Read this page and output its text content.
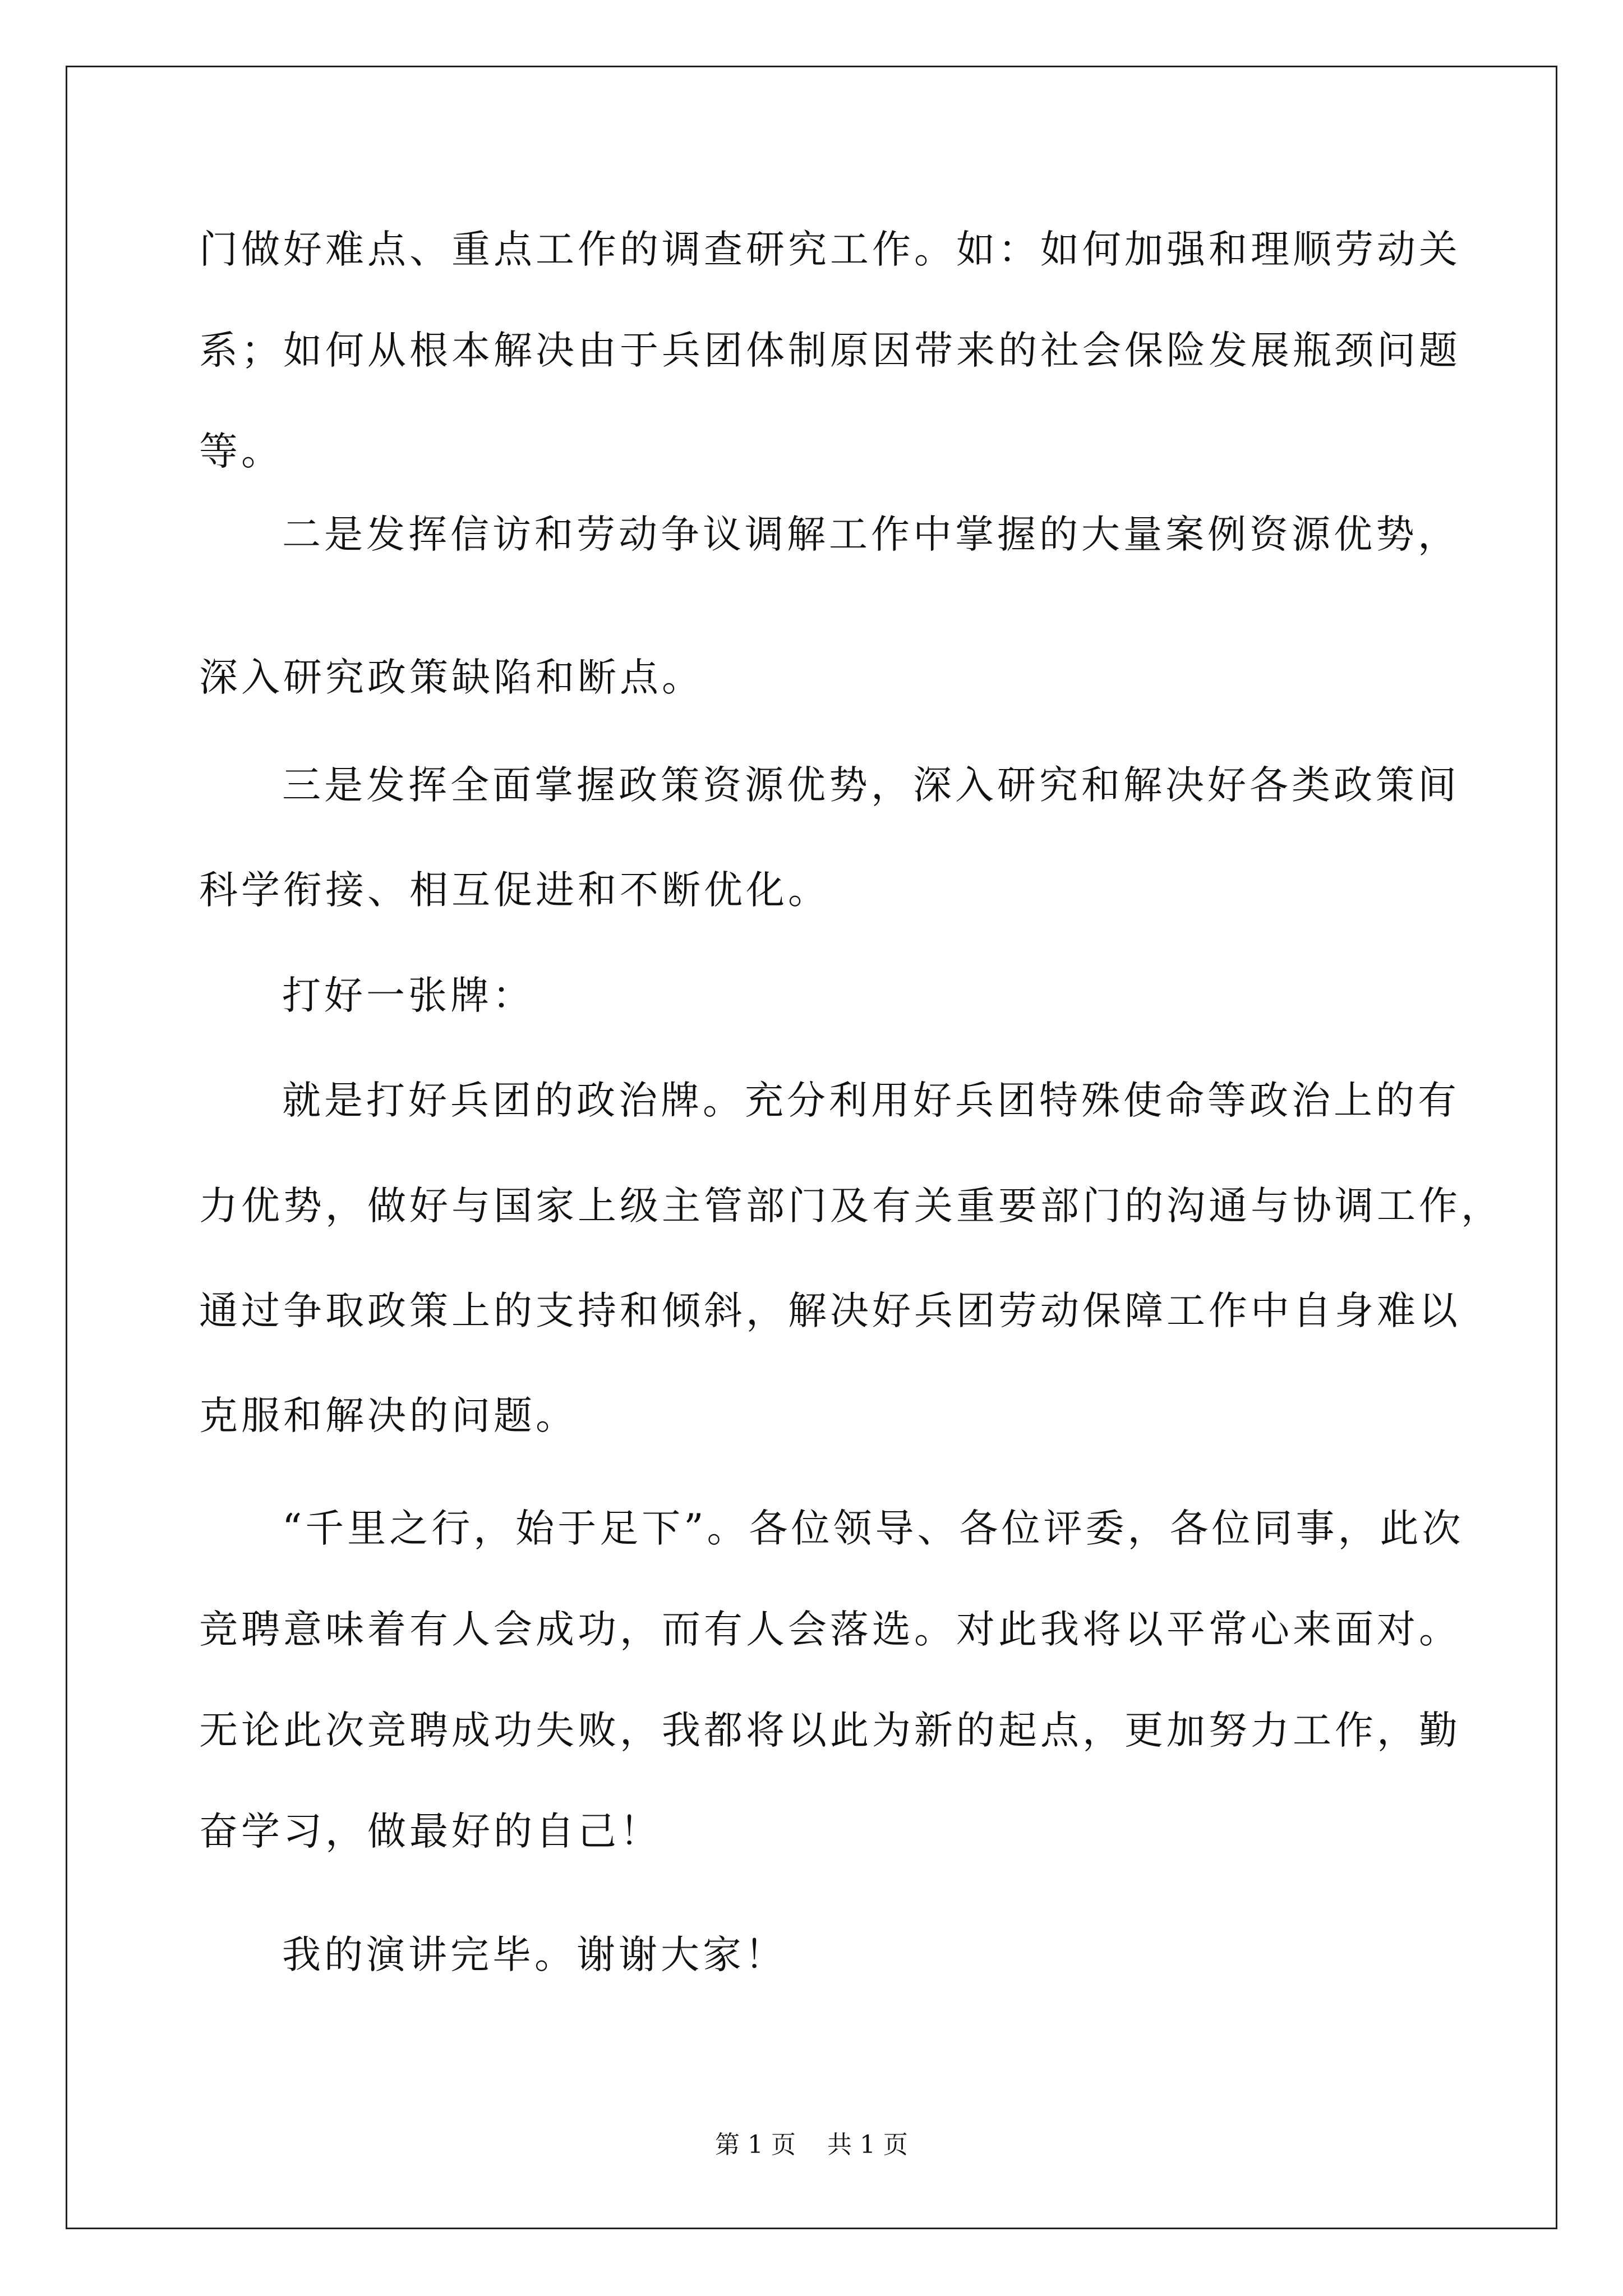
门做好难点、重点工作的调查研究工作。如：如何加强和理顺劳动关
系；如何从根本解决由于兵团体制原因带来的社会保险发展瓶颈问题
等。
二是发挥信访和劳动争议调解工作中掌握的大量案例资源优势，
深入研究政策缺陷和断点。
三是发挥全面掌握政策资源优势，深入研究和解决好各类政策间
科学衔接、相互促进和不断优化。
打好一张牌：
就是打好兵团的政治牌。充分利用好兵团特殊使命等政治上的有
力优势，做好与国家上级主管部门及有关重要部门的沟通与协调工作，
通过争取政策上的支持和倾斜，解决好兵团劳动保障工作中自身难以
克服和解决的问题。
“千里之行，始于足下”。各位领导、各位评委，各位同事，此次
竞聘意味着有人会成功，而有人会落选。对此我将以平常心来面对。
无论此次竞聘成功失败，我都将以此为新的起点，更加努力工作，勤
奋学习，做最好的自己！
我的演讲完毕。谢谢大家！
第 1 页    共 1 页
